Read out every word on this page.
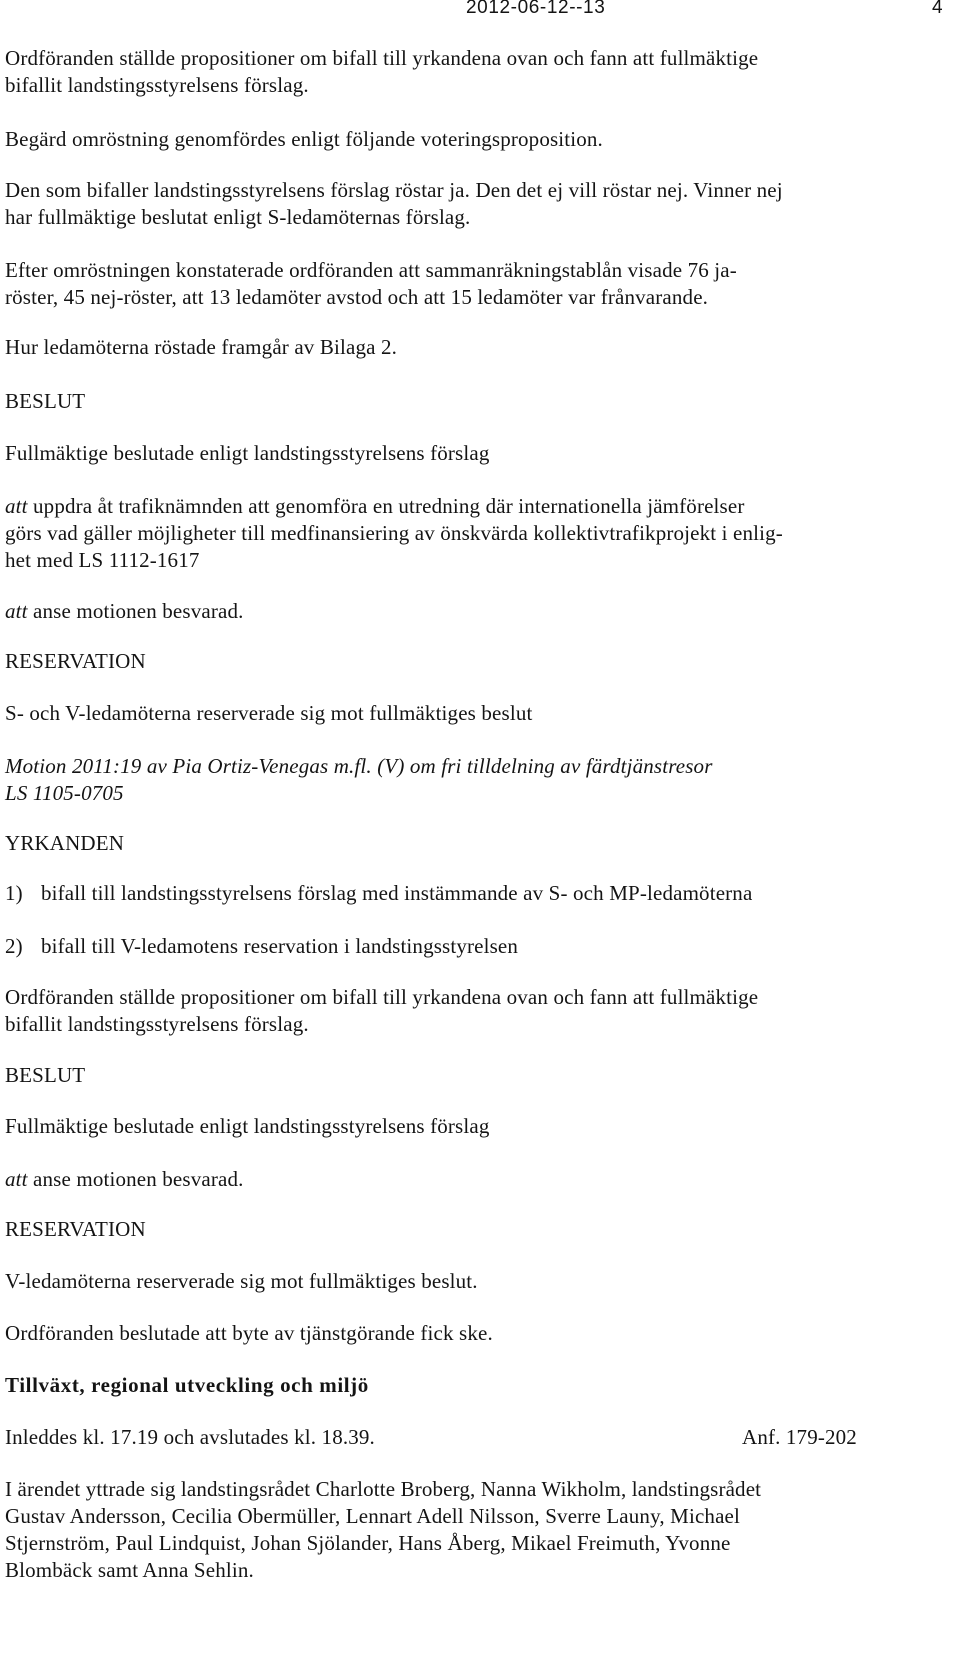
2012-06-12--13	4

Ordföranden ställde propositioner om bifall till yrkandena ovan och fann att fullmäktige

bifallit landstingsstyrelsens förslag.

Begärd omröstning genomfördes enligt följande voteringsproposition.

Den som bifaller landstingsstyrelsens förslag röstar ja. Den det ej vill röstar nej. Vinner nej

har fullmäktige beslutat enligt S-ledamöternas förslag.

Efter omröstningen konstaterade ordföranden att sammanräkningstablån visade 76 ja-

röster, 45 nej-röster, att 13 ledamöter avstod och att 15 ledamöter var frånvarande.

Hur ledamöterna röstade framgår av Bilaga 2.

BESLUT

Fullmäktige beslutade enligt landstingsstyrelsens förslag

att uppdra åt trafiknämnden att genomföra en utredning där internationella jämförelser

görs vad gäller möjligheter till medfinansiering av önskvärda kollektivtrafikprojekt i enlig-

het med LS 1112-1617

att anse motionen besvarad.

RESERVATION

S- och V-ledamöterna reserverade sig mot fullmäktiges beslut

Motion 2011:19 av Pia Ortiz-Venegas m.fl. (V) om fri tilldelning av färdtjänstresor

LS 1105-0705

YRKANDEN

1) bifall till landstingsstyrelsens förslag med instämmande av S- och MP-ledamöterna

2) bifall till V-ledamotens reservation i landstingsstyrelsen

Ordföranden ställde propositioner om bifall till yrkandena ovan och fann att fullmäktige

bifallit landstingsstyrelsens förslag.

BESLUT

Fullmäktige beslutade enligt landstingsstyrelsens förslag

att anse motionen besvarad.

RESERVATION

V-ledamöterna reserverade sig mot fullmäktiges beslut.

Ordföranden beslutade att byte av tjänstgörande fick ske.

Tillväxt, regional utveckling och miljö

Inleddes kl. 17.19 och avslutades kl. 18.39.	Anf. 179-202

I ärendet yttrade sig landstingsrådet Charlotte Broberg, Nanna Wikholm, landstingsrådet

Gustav Andersson, Cecilia Obermüller, Lennart Adell Nilsson, Sverre Launy, Michael

Stjernström, Paul Lindquist, Johan Sjölander, Hans Åberg, Mikael Freimuth, Yvonne

Blombäck samt Anna Sehlin.
